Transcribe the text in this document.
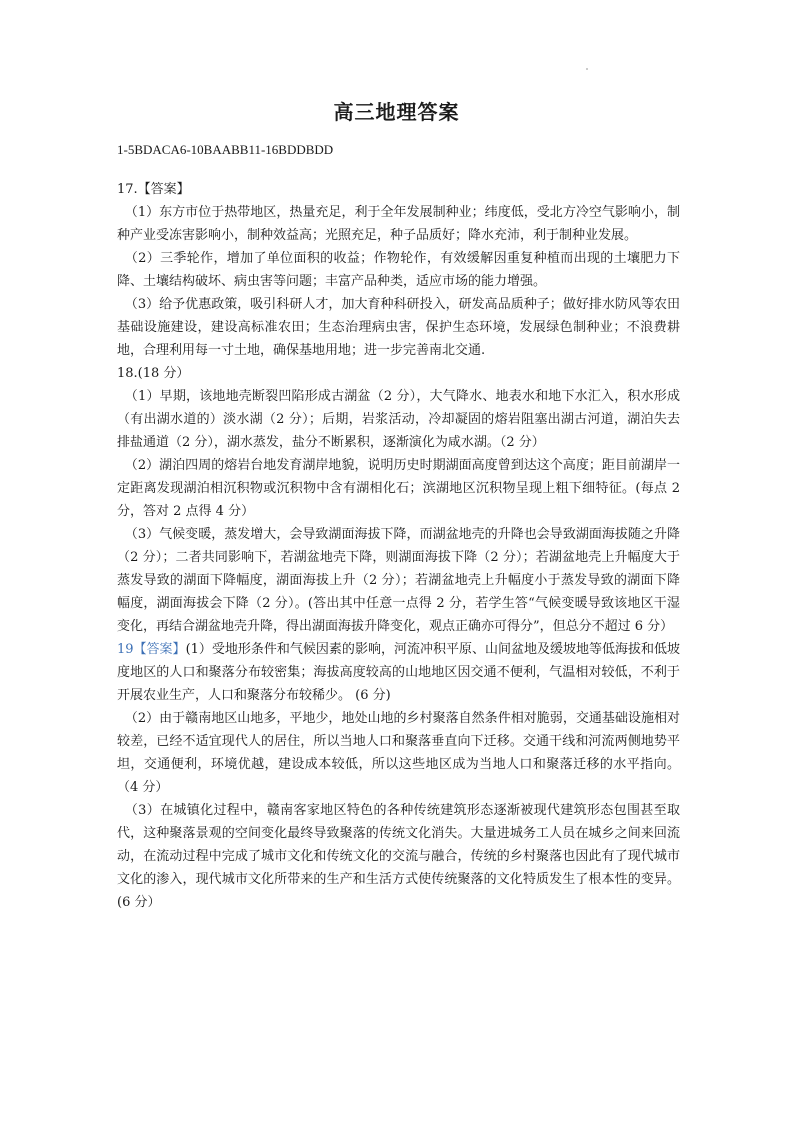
高三地理答案

1-5BDACA6-10BAABB11-16BDDBDD

17.【答案】

（1）东方市位于热带地区，热量充足，利于全年发展制种业；纬度低，受北方冷空气影响小，制种产业受冻害影响小，制种效益高；光照充足，种子品质好；降水充沛，利于制种业发展。

（2）三季轮作，增加了单位面积的收益；作物轮作，有效缓解因重复种植而出现的土壤肥力下降、土壤结构破坏、病虫害等问题；丰富产品种类，适应市场的能力增强。

（3）给予优惠政策，吸引科研人才，加大育种科研投入，研发高品质种子；做好排水防风等农田基础设施建设，建设高标准农田；生态治理病虫害，保护生态环境，发展绿色制种业；不浪费耕地，合理利用每一寸土地，确保基地用地；进一步完善南北交通.

18.(18 分）

（1）早期，该地地壳断裂凹陷形成古湖盆（2 分），大气降水、地表水和地下水汇入，积水形成（有出湖水道的）淡水湖（2 分）；后期，岩浆活动，冷却凝固的熔岩阻塞出湖古河道，湖泊失去排盐通道（2 分），湖水蒸发，盐分不断累积，逐渐演化为咸水湖。（2 分）

（2）湖泊四周的熔岩台地发育湖岸地貌，说明历史时期湖面高度曾到达这个高度；距目前湖岸一定距离发现湖泊相沉积物或沉积物中含有湖相化石；滨湖地区沉积物呈现上粗下细特征。(每点 2 分，答对 2 点得 4 分）

（3）气候变暖，蒸发增大，会导致湖面海拔下降，而湖盆地壳的升降也会导致湖面海拔随之升降（2 分）；二者共同影响下，若湖盆地壳下降，则湖面海拔下降（2 分）；若湖盆地壳上升幅度大于蒸发导致的湖面下降幅度，湖面海拔上升（2 分）；若湖盆地壳上升幅度小于蒸发导致的湖面下降幅度，湖面海拔会下降（2 分）。(答出其中任意一点得 2 分，若学生答“气候变暖导致该地区干湿变化，再结合湖盆地壳升降，得出湖面海拔升降变化，观点正确亦可得分”，但总分不超过 6 分）

19【答案】(1）受地形条件和气候因素的影响，河流冲积平原、山间盆地及缓坡地等低海拔和低坡度地区的人口和聚落分布较密集；海拔高度较高的山地地区因交通不便利，气温相对较低，不利于开展农业生产，人口和聚落分布较稀少。 (6 分)

（2）由于赣南地区山地多，平地少，地处山地的乡村聚落自然条件相对脆弱，交通基础设施相对较差，已经不适宜现代人的居住，所以当地人口和聚落垂直向下迁移。交通干线和河流两侧地势平坦，交通便利，环境优越，建设成本较低，所以这些地区成为当地人口和聚落迁移的水平指向。 （4 分）

（3）在城镇化过程中，赣南客家地区特色的各种传统建筑形态逐渐被现代建筑形态包围甚至取代，这种聚落景观的空间变化最终导致聚落的传统文化消失。大量进城务工人员在城乡之间来回流动，在流动过程中完成了城市文化和传统文化的交流与融合，传统的乡村聚落也因此有了现代城市文化的渗入，现代城市文化所带来的生产和生活方式使传统聚落的文化特质发生了根本性的变异。(6 分）
